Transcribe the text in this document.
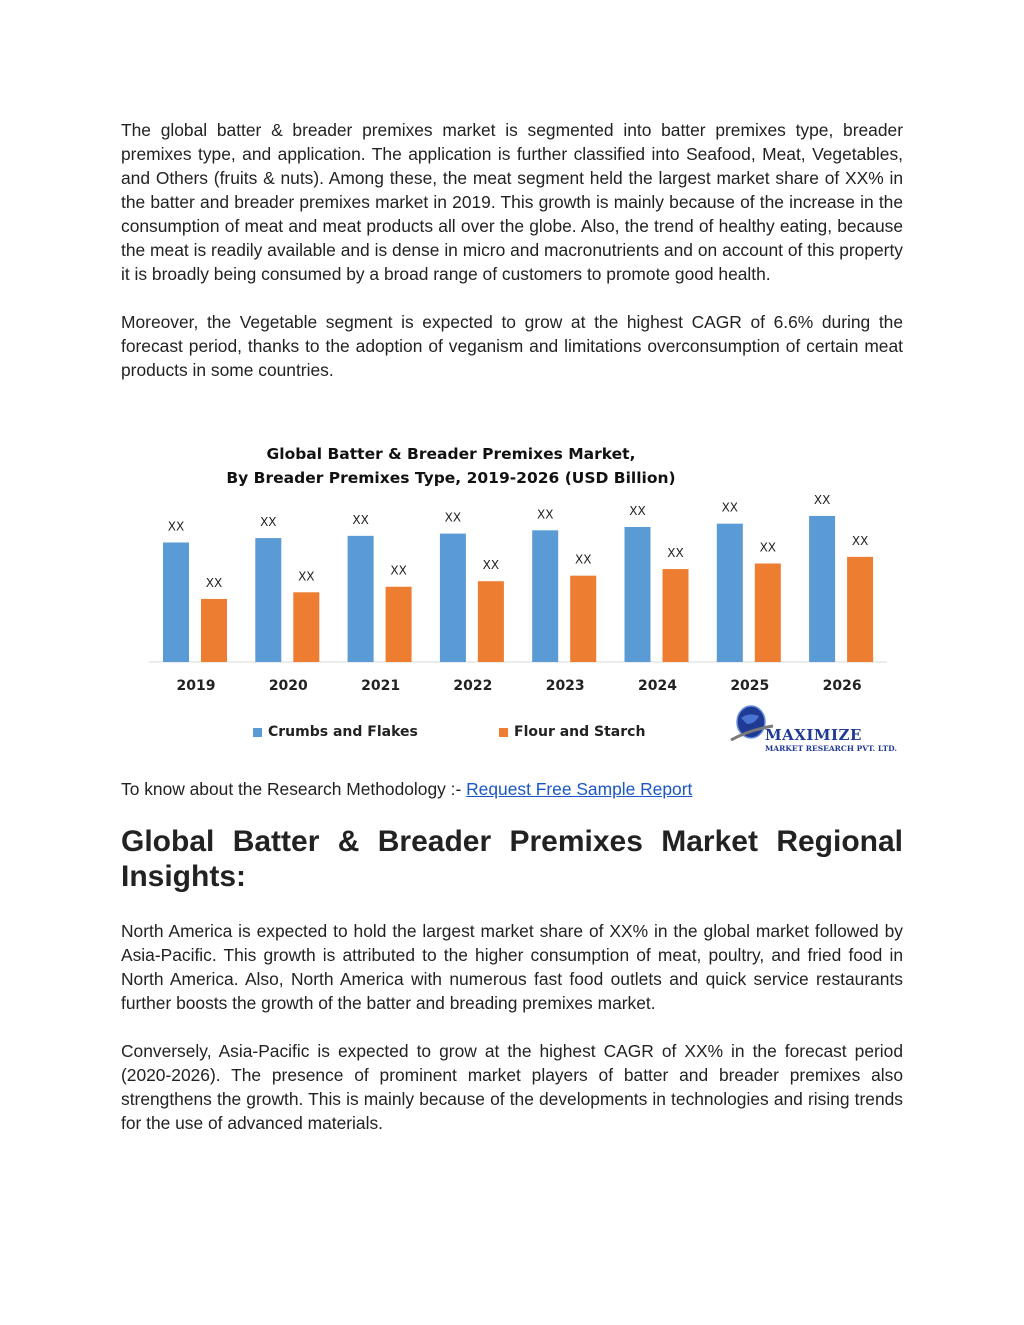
The global batter & breader premixes market is segmented into batter premixes type, breader premixes type, and application. The application is further classified into Seafood, Meat, Vegetables, and Others (fruits & nuts). Among these, the meat segment held the largest market share of XX% in the batter and breader premixes market in 2019. This growth is mainly because of the increase in the consumption of meat and meat products all over the globe. Also, the trend of healthy eating, because the meat is readily available and is dense in micro and macronutrients and on account of this property it is broadly being consumed by a broad range of customers to promote good health.

Moreover, the Vegetable segment is expected to grow at the highest CAGR of 6.6% during the forecast period, thanks to the adoption of veganism and limitations overconsumption of certain meat products in some countries.

Global Batter & Breader Premixes Market,
By Breader Premixes Type, 2019-2026 (USD Billion)
XX
XX
2019
XX
XX
2020
XX
XX
2021
XX
XX
2022
XX
XX
2023
XX
XX
2024
XX
XX
2025
XX
XX
2026
Crumbs and Flakes	Flour and Starch	MAXIMIZE
MARKET RESEARCH PVT. LTD.
To know about the Research Methodology :- Request Free Sample Report
Global Batter & Breader Premixes Market Regional Insights:

North America is expected to hold the largest market share of XX% in the global market followed by Asia-Pacific. This growth is attributed to the higher consumption of meat, poultry, and fried food in North America. Also, North America with numerous fast food outlets and quick service restaurants further boosts the growth of the batter and breading premixes market.

Conversely, Asia-Pacific is expected to grow at the highest CAGR of XX% in the forecast period (2020-2026). The presence of prominent market players of batter and breader premixes also strengthens the growth. This is mainly because of the developments in technologies and rising trends for the use of advanced materials.
